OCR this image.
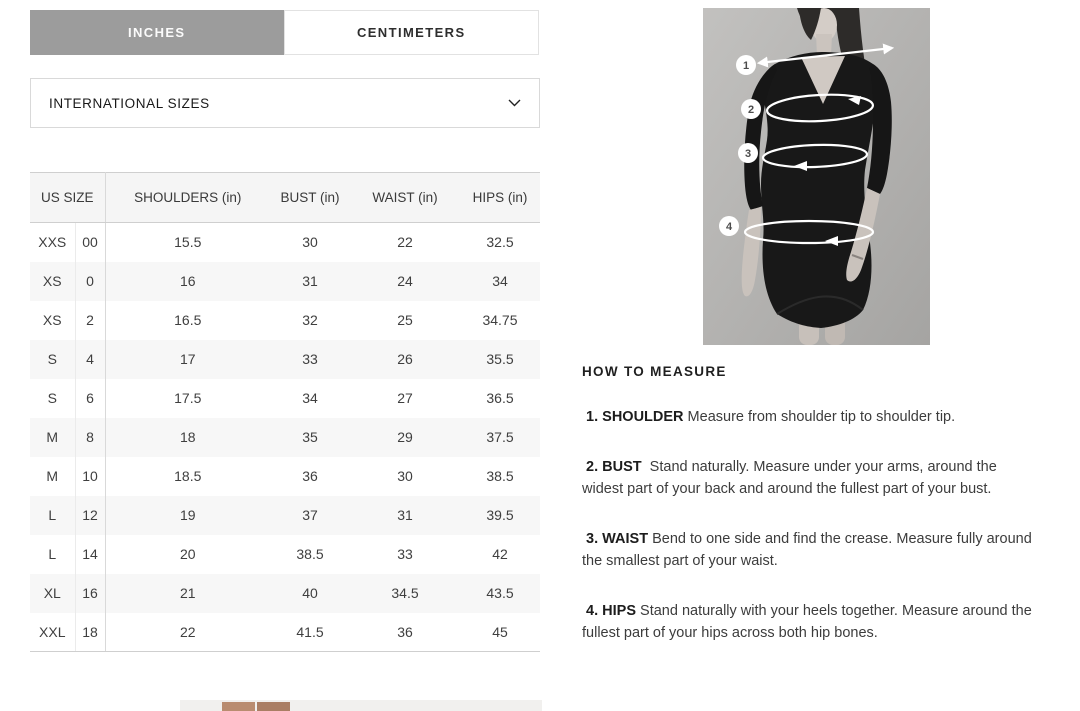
INCHES	CENTIMETERS
INTERNATIONAL SIZES
US SIZE		SHOULDERS (in)	BUST (in)	WAIST (in)	HIPS (in)
XXS	00	15.5	30	22	32.5
XS	0	16	31	24	34
XS	2	16.5	32	25	34.75
S	4	17	33	26	35.5
S	6	17.5	34	27	36.5
M	8	18	35	29	37.5
M	10	18.5	36	30	38.5
L	12	19	37	31	39.5
L	14	20	38.5	33	42
XL	16	21	40	34.5	43.5
XXL	18	22	41.5	36	45
1
2
3
4
HOW TO MEASURE

1. SHOULDER Measure from shoulder tip to shoulder tip.

2. BUST  Stand naturally. Measure under your arms, around the widest part of your back and around the fullest part of your bust.

3. WAIST Bend to one side and find the crease. Measure fully around the smallest part of your waist.

4. HIPS Stand naturally with your heels together. Measure around the fullest part of your hips across both hip bones.
